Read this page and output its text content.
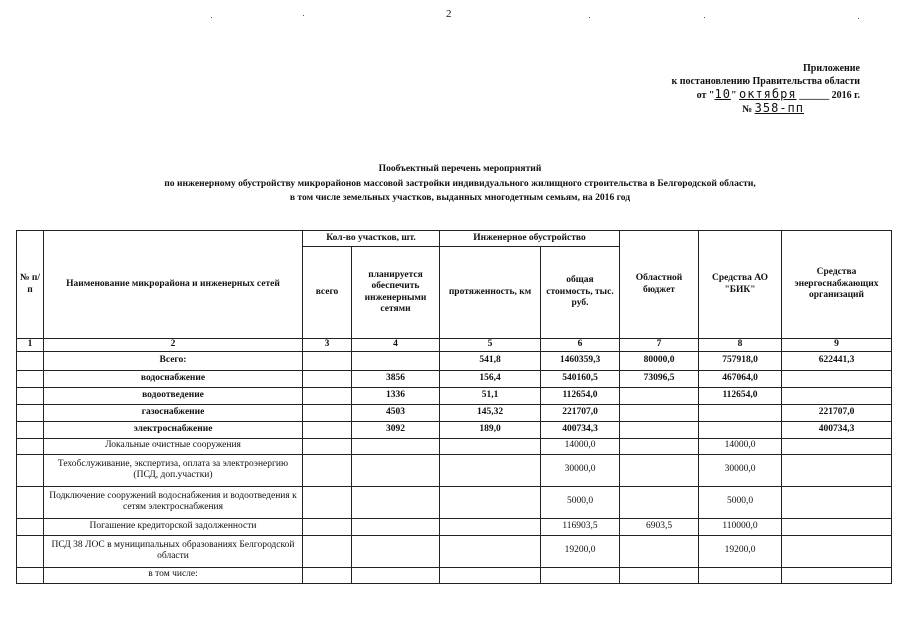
2
Приложение
к постановлению Правительства области
от "10" октября ______ 2016 г.
№ 358-пп
Пообъектный перечень мероприятий
по инженерному обустройству микрорайонов массовой застройки индивидуального жилищного строительства в Белгородской области,
в том числе земельных участков, выданных многодетным семьям, на 2016 год
№ п/п	Наименование микрорайона и инженерных сетей	Кол-во участков, шт.		Инженерное обустройство		Областной бюджет	Средства АО "БИК"	Средства энергоснабжающих организаций
		всего	планируется обеспечить инженерными сетями	протяженность, км	общая стоимость, тыс. руб.			
1	2	3	4	5	6	7	8	9
	Всего:			541,8	1460359,3	80000,0	757918,0	622441,3
	водоснабжение		3856	156,4	540160,5	73096,5	467064,0	
	водоотведение		1336	51,1	112654,0		112654,0	
	газоснабжение		4503	145,32	221707,0			221707,0
	электроснабжение		3092	189,0	400734,3			400734,3
	Локальные очистные сооружения				14000,0		14000,0	
	Техобслуживание, экспертиза, оплата за электроэнергию (ПСД, доп.участки)				30000,0		30000,0	
	Подключение сооружений водоснабжения и водоотведения к сетям электроснабжения				5000,0		5000,0	
	Погашение кредиторской задолженности				116903,5	6903,5	110000,0	
	ПСД 38 ЛОС в муниципальных образованиях Белгородской области				19200,0		19200,0	
	в том числе:							
